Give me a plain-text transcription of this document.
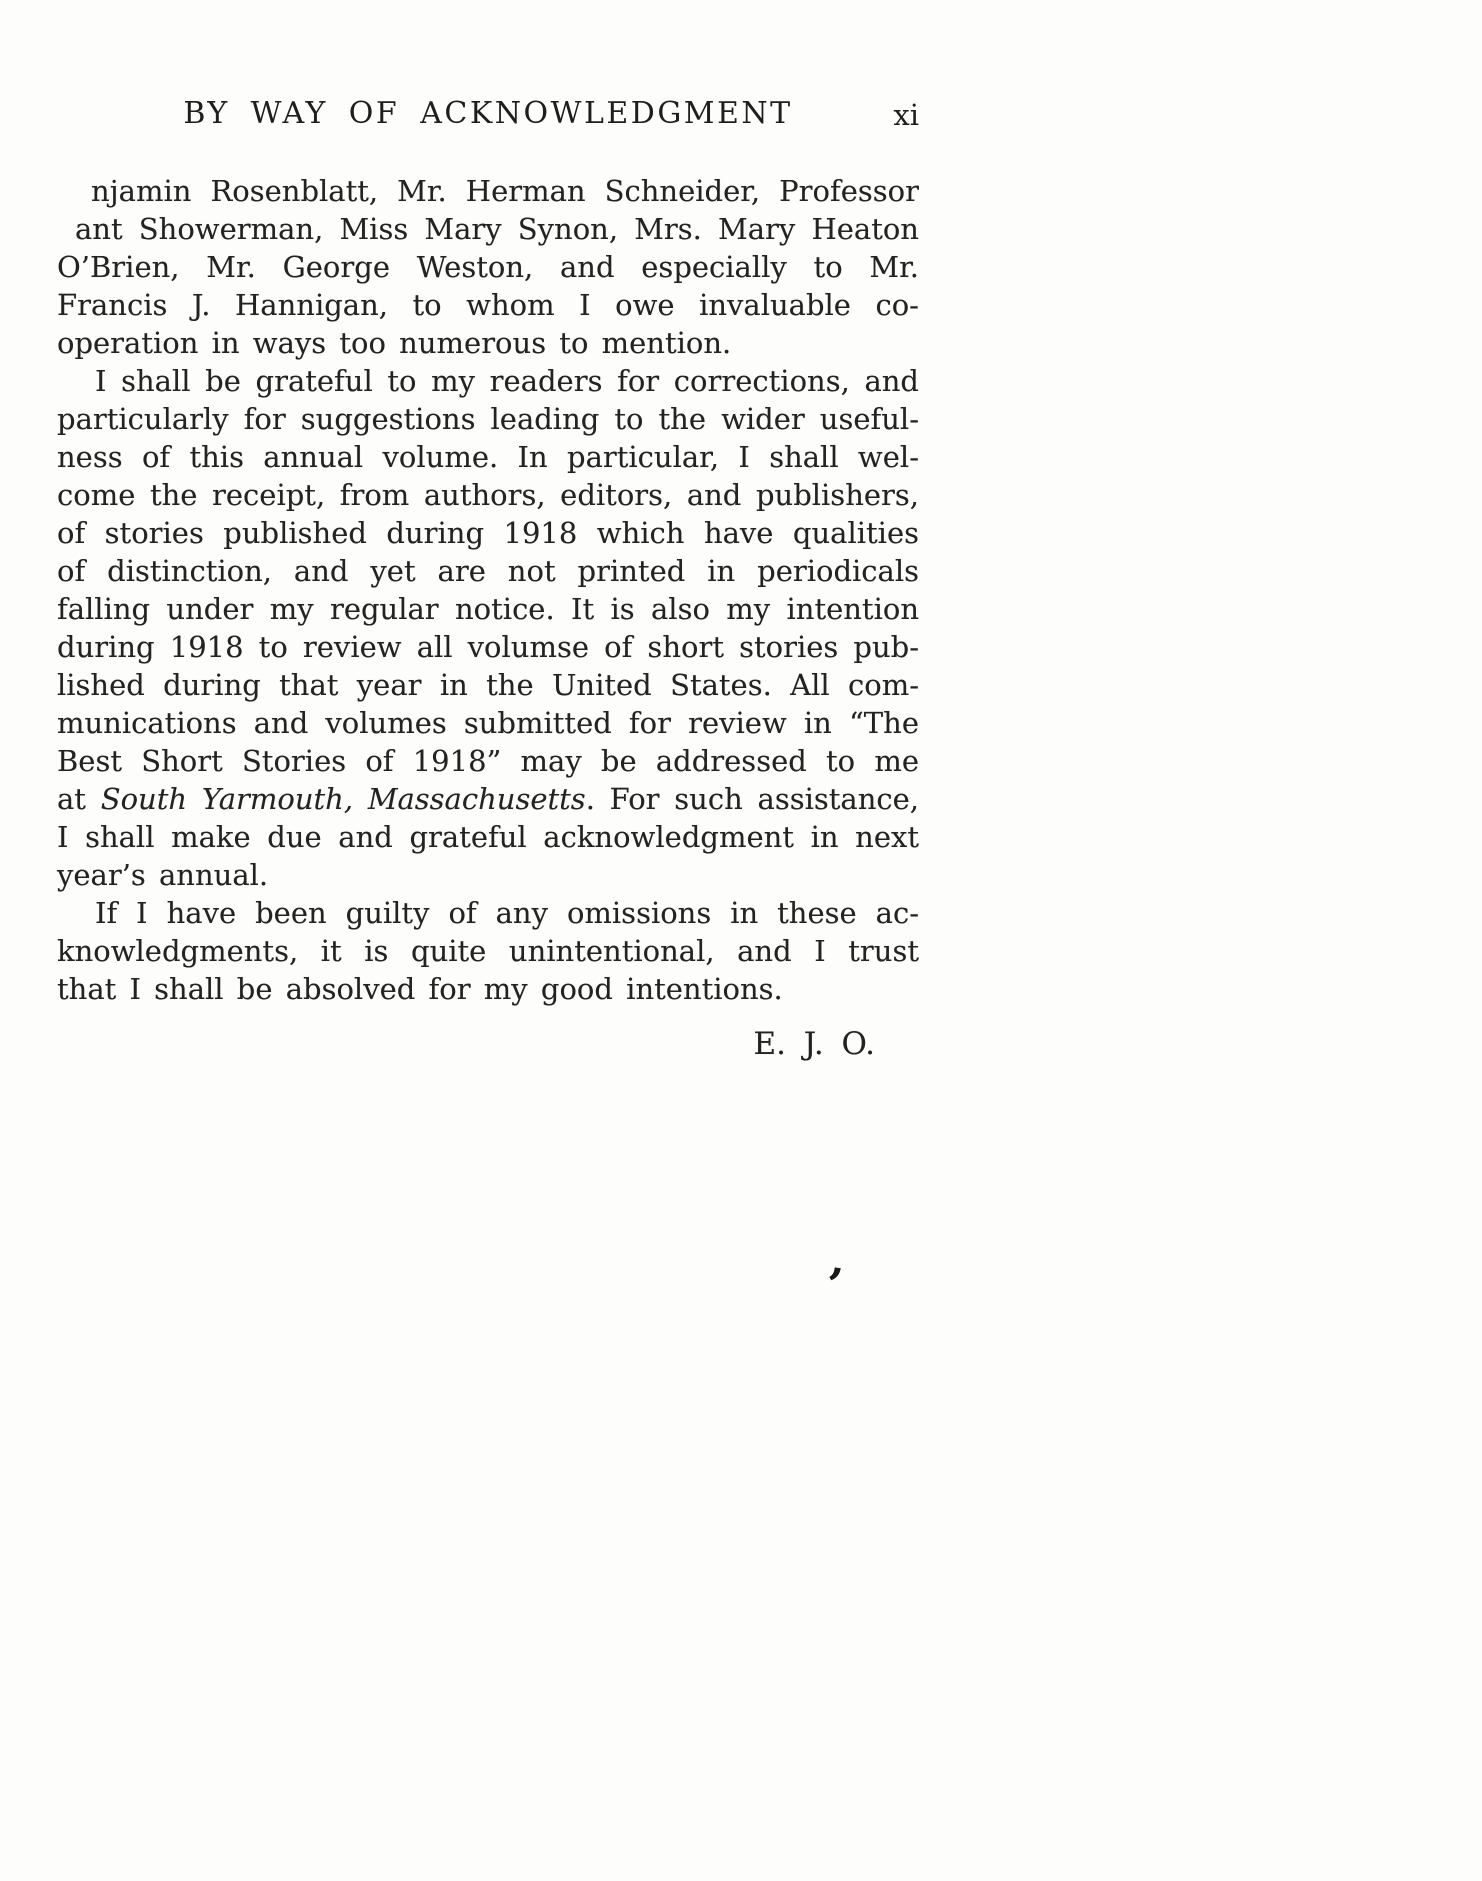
BY WAY OF ACKNOWLEDGMENT	xi
njamin Rosenblatt, Mr. Herman Schneider, Professor
ant Showerman, Miss Mary Synon, Mrs. Mary Heaton
O’Brien, Mr. George Weston, and especially to Mr.
Francis J. Hannigan, to whom I owe invaluable co-
operation in ways too numerous to mention.
I shall be grateful to my readers for corrections, and
particularly for suggestions leading to the wider useful-
ness of this annual volume. In particular, I shall wel-
come the receipt, from authors, editors, and publishers,
of stories published during 1918 which have qualities
of distinction, and yet are not printed in periodicals
falling under my regular notice. It is also my intention
during 1918 to review all volumse of short stories pub-
lished during that year in the United States. All com-
munications and volumes submitted for review in “The
Best Short Stories of 1918” may be addressed to me
at South Yarmouth, Massachusetts. For such assistance,
I shall make due and grateful acknowledgment in next
year’s annual.
If I have been guilty of any omissions in these ac-
knowledgments, it is quite unintentional, and I trust
that I shall be absolved for my good intentions.
E. J. O.
’
